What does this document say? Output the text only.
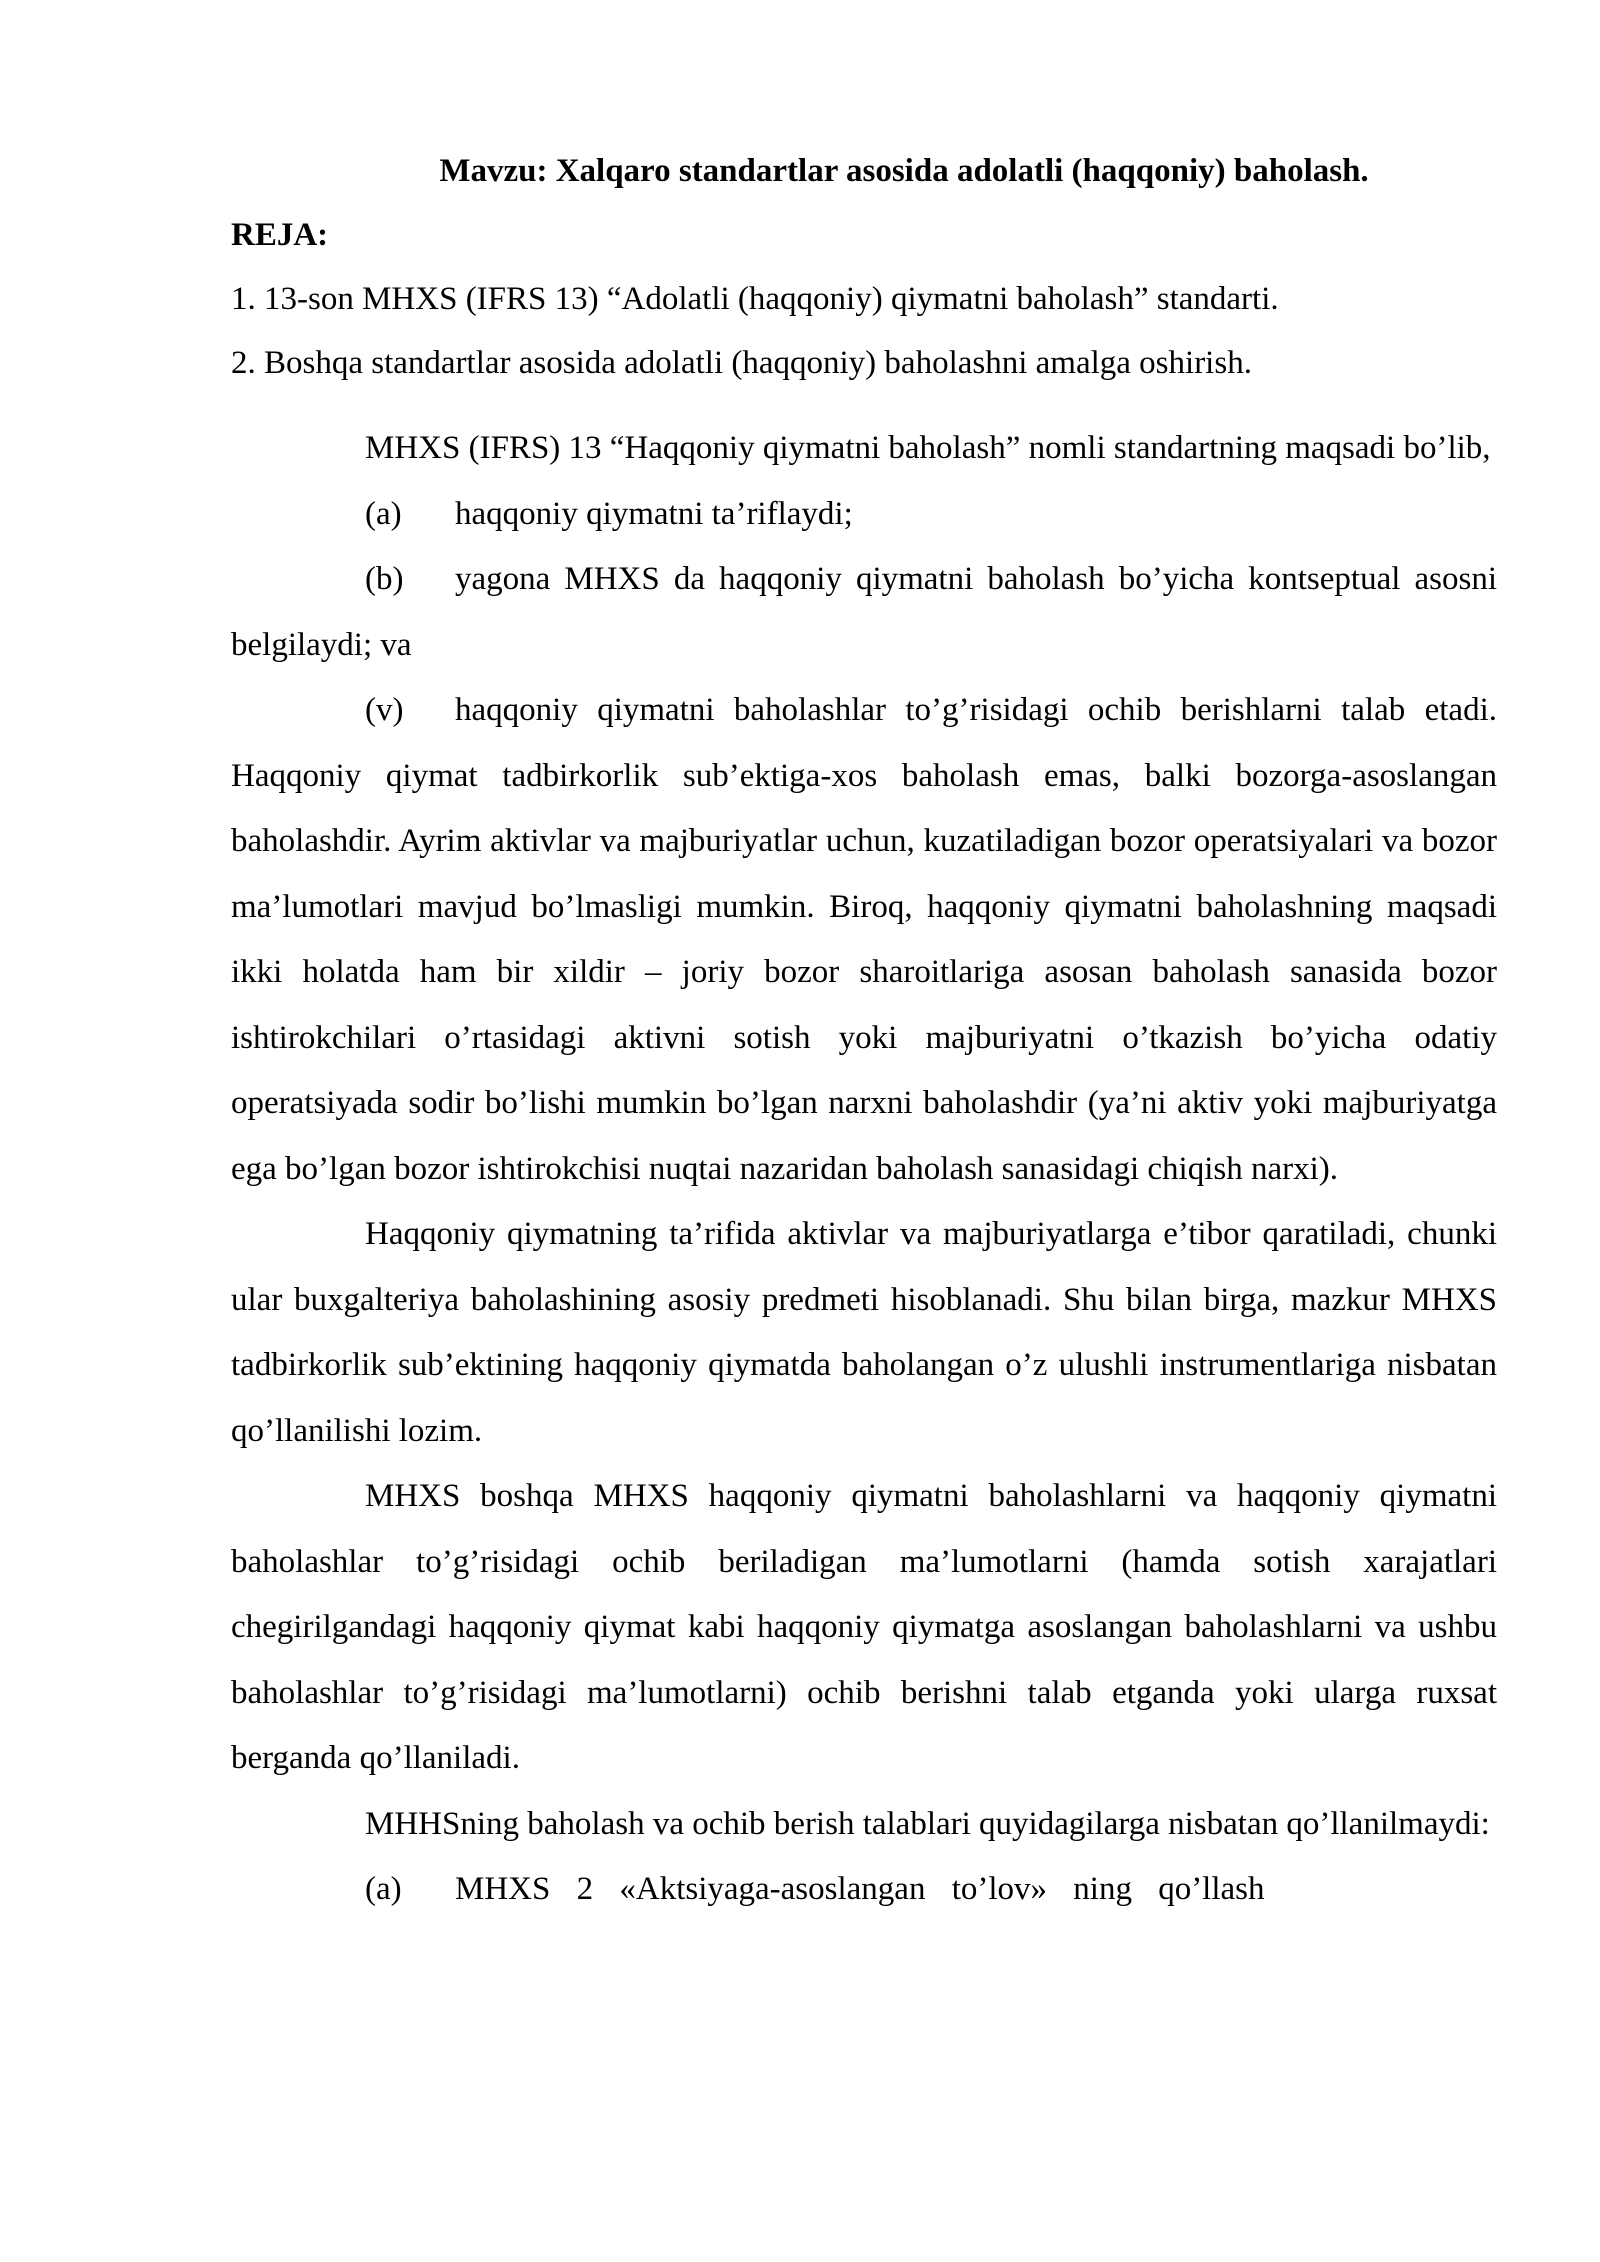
Mavzu: Xalqaro standartlar asosida adolatli (haqqoniy) baholash.
REJA:
1. 13-son MHXS (IFRS 13) “Adolatli (haqqoniy) qiymatni baholash” standarti.
2. Boshqa standartlar asosida adolatli (haqqoniy) baholashni amalga oshirish.

MHXS (IFRS) 13 “Haqqoniy qiymatni baholash” nomli standartning maqsadi bo’lib,

(a) haqqoniy qiymatni ta’riflaydi;

(b) yagona MHXS da haqqoniy qiymatni baholash bo’yicha kontseptual asosni belgilaydi; va

(v) haqqoniy qiymatni baholashlar to’g’risidagi ochib berishlarni talab etadi. Haqqoniy qiymat tadbirkorlik sub’ektiga-xos baholash emas, balki bozorga-asoslangan baholashdir. Ayrim aktivlar va majburiyatlar uchun, kuzatiladigan bozor operatsiyalari va bozor ma’lumotlari mavjud bo’lmasligi mumkin. Biroq, haqqoniy qiymatni baholashning maqsadi ikki holatda ham bir xildir – joriy bozor sharoitlariga asosan baholash sanasida bozor ishtirokchilari o’rtasidagi aktivni sotish yoki majburiyatni o’tkazish bo’yicha odatiy operatsiyada sodir bo’lishi mumkin bo’lgan narxni baholashdir (ya’ni aktiv yoki majburiyatga ega bo’lgan bozor ishtirokchisi nuqtai nazaridan baholash sanasidagi chiqish narxi).

Haqqoniy qiymatning ta’rifida aktivlar va majburiyatlarga e’tibor qaratiladi, chunki ular buxgalteriya baholashining asosiy predmeti hisoblanadi. Shu bilan birga, mazkur MHXS tadbirkorlik sub’ektining haqqoniy qiymatda baholangan o’z ulushli instrumentlariga nisbatan qo’llanilishi lozim.

MHXS boshqa MHXS haqqoniy qiymatni baholashlarni va haqqoniy qiymatni baholashlar to’g’risidagi ochib beriladigan ma’lumotlarni (hamda sotish xarajatlari chegirilgandagi haqqoniy qiymat kabi haqqoniy qiymatga asoslangan baholashlarni va ushbu baholashlar to’g’risidagi ma’lumotlarni) ochib berishni talab etganda yoki ularga ruxsat berganda qo’llaniladi.

MHHSning baholash va ochib berish talablari quyidagilarga nisbatan qo’llanilmaydi:

(a) MHXS 2 «Aktsiyaga-asoslangan to’lov» ning qo’llash
